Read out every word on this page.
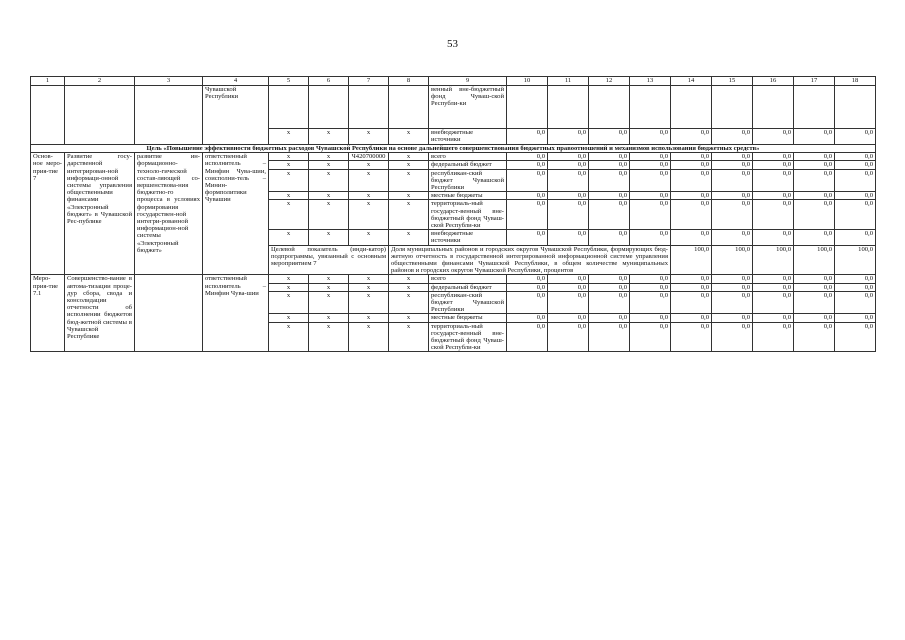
53
1	2	3	4	5	6	7	8	9	10	11	12	13	14	15	16	17	18	
			Чувашской Республики					венный вне-бюджетный фонд Чуваш-ской Республи-ки										
				x	x	x	x	внебюджетные источники	0,0	0,0	0,0	0,0	0,0	0,0	0,0	0,0	0,0	
Цель «Повышение эффективности бюджетных расходов Чувашской Республики на основе дальнейшего совершенствования бюджетных правоотношений и механизмов использования бюджетных средств»																		
Основ-ное меро-прия-тие 7	Развитие госу-дарственной интегрирован-ной информаци-онной системы управления общественными финансами «Электронный бюджет» в Чувашской Рес-публике	развитие ин-формационно-техноло-гической состав-ляющей со-вершенствова-ния бюджетно-го процесса в условиях формирования государствен-ной интегри-рованной информацион-ной системы «Электронный бюджет»	ответственный исполнитель – Минфин Чува-шии, соисполни-тель – Минин-формполитики Чувашии	x	x	Ч420700000	x	всего	0,0	0,0	0,0	0,0	0,0	0,0	0,0	0,0	0,0	
				x	x	x	x	федеральный бюджет	0,0	0,0	0,0	0,0	0,0	0,0	0,0	0,0	0,0	
				x	x	x	x	республикан-ский бюджет Чувашской Республики	0,0	0,0	0,0	0,0	0,0	0,0	0,0	0,0	0,0	
				x	x	x	x	местные бюджеты	0,0	0,0	0,0	0,0	0,0	0,0	0,0	0,0	0,0	
				x	x	x	x	территориаль-ный государст-венный вне-бюджетный фонд Чуваш-ской Республи-ки	0,0	0,0	0,0	0,0	0,0	0,0	0,0	0,0	0,0	
				x	x	x	x	внебюджетные источники	0,0	0,0	0,0	0,0	0,0	0,0	0,0	0,0	0,0	
				Целевой показатель (инди-катор) подпрограммы, увязанный с основным мероприятием 7			Доля муниципальных районов и городских округов Чувашской Республики, формирующих бюд-жетную отчетность в государственной интегрированной информационной системе управления общественными финансами Чувашской Республики, в общем количестве муниципальных районов и городских округов Чувашской Республики, процентов						100,0	100,0	100,0	100,0	100,0				
Меро-прия-тие 7.1	Совершенство-вание в автома-тизации проце-дур сбора, свода и консолидации отчетности об исполнении бюджетов бюд-жетной системы в Чувашской Республике		ответственный исполнитель – Минфин Чува-шии	x	x	x	x	всего	0,0	0,0	0,0	0,0	0,0	0,0	0,0	0,0	0,0	
				x	x	x	x	федеральный бюджет	0,0	0,0	0,0	0,0	0,0	0,0	0,0	0,0	0,0	
				x	x	x	x	республикан-ский бюджет Чувашской Республики	0,0	0,0	0,0	0,0	0,0	0,0	0,0	0,0	0,0	
				x	x	x	x	местные бюджеты	0,0	0,0	0,0	0,0	0,0	0,0	0,0	0,0	0,0	
				x	x	x	x	территориаль-ный государст-венный вне-бюджетный фонд Чуваш-ской Республи-ки	0,0	0,0	0,0	0,0	0,0	0,0	0,0	0,0	0,0	
